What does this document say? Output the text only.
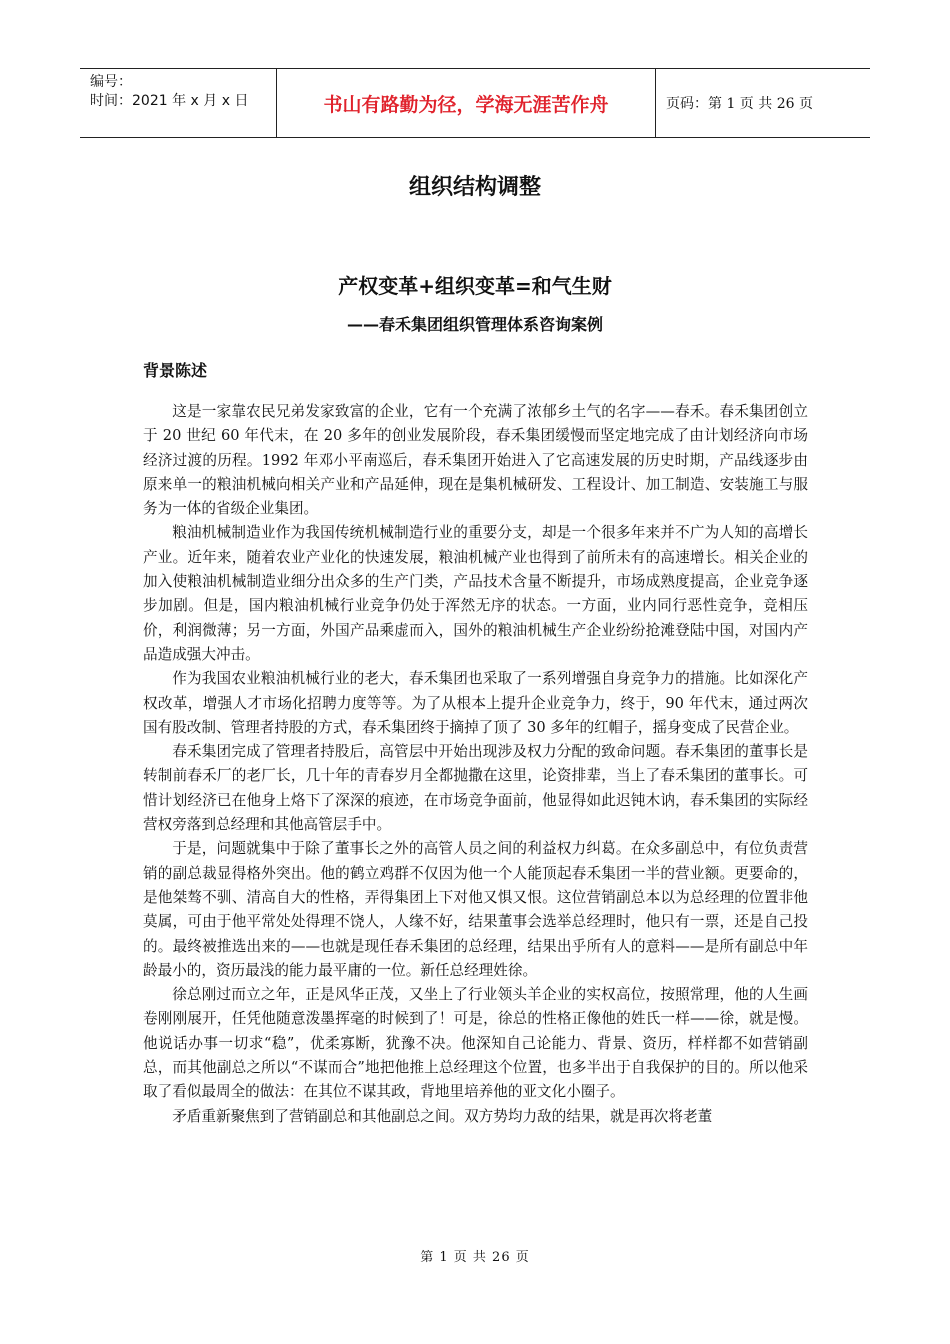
编号：
时间：2021 年 x 月 x 日	书山有路勤为径，学海无涯苦作舟	页码：第 1 页 共 26 页
组织结构调整
产权变革+组织变革=和气生财
——春禾集团组织管理体系咨询案例
背景陈述

这是一家靠农民兄弟发家致富的企业，它有一个充满了浓郁乡土气的名字——春禾。春禾集团创立于 20 世纪 60 年代末，在 20 多年的创业发展阶段，春禾集团缓慢而坚定地完成了由计划经济向市场经济过渡的历程。1992 年邓小平南巡后，春禾集团开始进入了它高速发展的历史时期，产品线逐步由原来单一的粮油机械向相关产业和产品延伸，现在是集机械研发、工程设计、加工制造、安装施工与服务为一体的省级企业集团。

粮油机械制造业作为我国传统机械制造行业的重要分支，却是一个很多年来并不广为人知的高增长产业。近年来，随着农业产业化的快速发展，粮油机械产业也得到了前所未有的高速增长。相关企业的加入使粮油机械制造业细分出众多的生产门类，产品技术含量不断提升，市场成熟度提高，企业竞争逐步加剧。但是，国内粮油机械行业竞争仍处于浑然无序的状态。一方面，业内同行恶性竞争，竞相压价，利润微薄；另一方面，外国产品乘虚而入，国外的粮油机械生产企业纷纷抢滩登陆中国，对国内产品造成强大冲击。

作为我国农业粮油机械行业的老大，春禾集团也采取了一系列增强自身竞争力的措施。比如深化产权改革，增强人才市场化招聘力度等等。为了从根本上提升企业竞争力，终于，90 年代末，通过两次国有股改制、管理者持股的方式，春禾集团终于摘掉了顶了 30 多年的红帽子，摇身变成了民营企业。

春禾集团完成了管理者持股后，高管层中开始出现涉及权力分配的致命问题。春禾集团的董事长是转制前春禾厂的老厂长，几十年的青春岁月全都抛撒在这里，论资排辈，当上了春禾集团的董事长。可惜计划经济已在他身上烙下了深深的痕迹，在市场竞争面前，他显得如此迟钝木讷，春禾集团的实际经营权旁落到总经理和其他高管层手中。

于是，问题就集中于除了董事长之外的高管人员之间的利益权力纠葛。在众多副总中，有位负责营销的副总裁显得格外突出。他的鹤立鸡群不仅因为他一个人能顶起春禾集团一半的营业额。更要命的，是他桀骜不驯、清高自大的性格，弄得集团上下对他又惧又恨。这位营销副总本以为总经理的位置非他莫属，可由于他平常处处得理不饶人，人缘不好，结果董事会选举总经理时，他只有一票，还是自己投的。最终被推选出来的——也就是现任春禾集团的总经理，结果出乎所有人的意料——是所有副总中年龄最小的，资历最浅的能力最平庸的一位。新任总经理姓徐。

徐总刚过而立之年，正是风华正茂，又坐上了行业领头羊企业的实权高位，按照常理，他的人生画卷刚刚展开，任凭他随意泼墨挥毫的时候到了！可是，徐总的性格正像他的姓氏一样——徐，就是慢。他说话办事一切求“稳”，优柔寡断，犹豫不决。他深知自己论能力、背景、资历，样样都不如营销副总，而其他副总之所以“不谋而合”地把他推上总经理这个位置，也多半出于自我保护的目的。所以他采取了看似最周全的做法：在其位不谋其政，背地里培养他的亚文化小圈子。

矛盾重新聚焦到了营销副总和其他副总之间。双方势均力敌的结果，就是再次将老董

第 1 页 共 26 页
